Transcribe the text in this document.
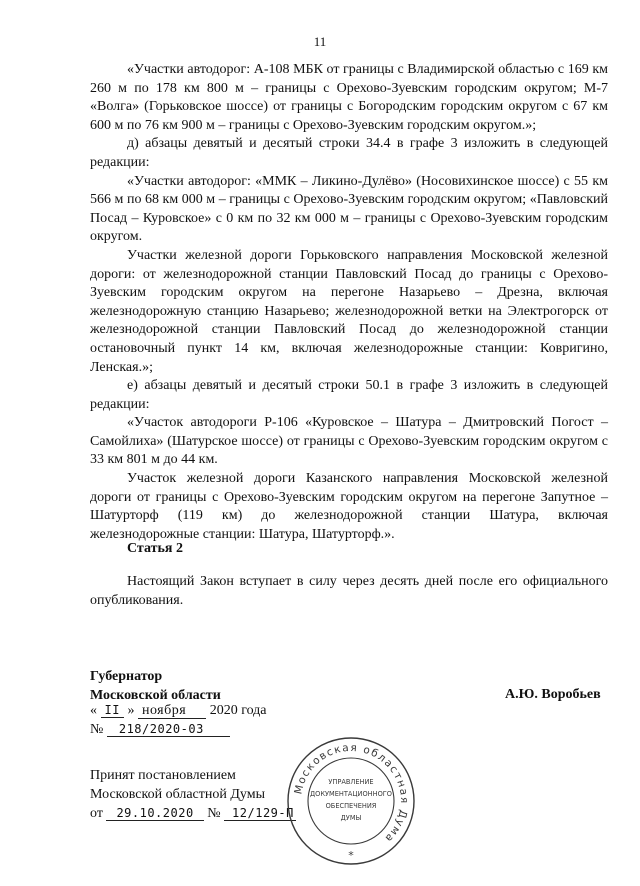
11

«Участки автодорог: А-108 МБК от границы с Владимирской областью с 169 км 260 м по 178 км 800 м – границы с Орехово-Зуевским городским округом; М-7 «Волга» (Горьковское шоссе) от границы с Богородским городским округом с 67 км 600 м по 76 км 900 м – границы с Орехово-Зуевским городским округом.»;

д) абзацы девятый и десятый строки 34.4 в графе 3 изложить в следующей редакции:

«Участки автодорог: «ММК – Ликино-Дулёво» (Носовихинское шоссе) с 55 км 566 м по 68 км 000 м – границы с Орехово-Зуевским городским округом; «Павловский Посад – Куровское» с 0 км по 32 км 000 м – границы с Орехово-Зуевским городским округом.

Участки железной дороги Горьковского направления Московской железной дороги: от железнодорожной станции Павловский Посад до границы с Орехово-Зуевским городским округом на перегоне Назарьево – Дрезна, включая железнодорожную станцию Назарьево; железнодорожной ветки на Электрогорск от железнодорожной станции Павловский Посад до железнодорожной станции остановочный пункт 14 км, включая железнодорожные станции: Ковригино, Ленская.»;

е) абзацы девятый и десятый строки 50.1 в графе 3 изложить в следующей редакции:

«Участок автодороги Р-106 «Куровское – Шатура – Дмитровский Погост – Самойлиха» (Шатурское шоссе) от границы с Орехово-Зуевским городским округом с 33 км 801 м до 44 км.

Участок железной дороги Казанского направления Московской железной дороги от границы с Орехово-Зуевским городским округом на перегоне Запутное – Шатурторф (119 км) до железнодорожной станции Шатура, включая железнодорожные станции: Шатура, Шатурторф.».

Статья 2
Настоящий Закон вступает в силу через десять дней после его официального опубликования.
Губернатор
Московской области	А.Ю. Воробьев
« II » ноября 2020 года
№ 218/2020-03
Принят постановлением
Московской областной Думы
от 29.10.2020 № 12/129-П
Московская областная Дума
УПРАВЛЕНИЕ
ДОКУМЕНТАЦИОННОГО
ОБЕСПЕЧЕНИЯ
ДУМЫ
*
